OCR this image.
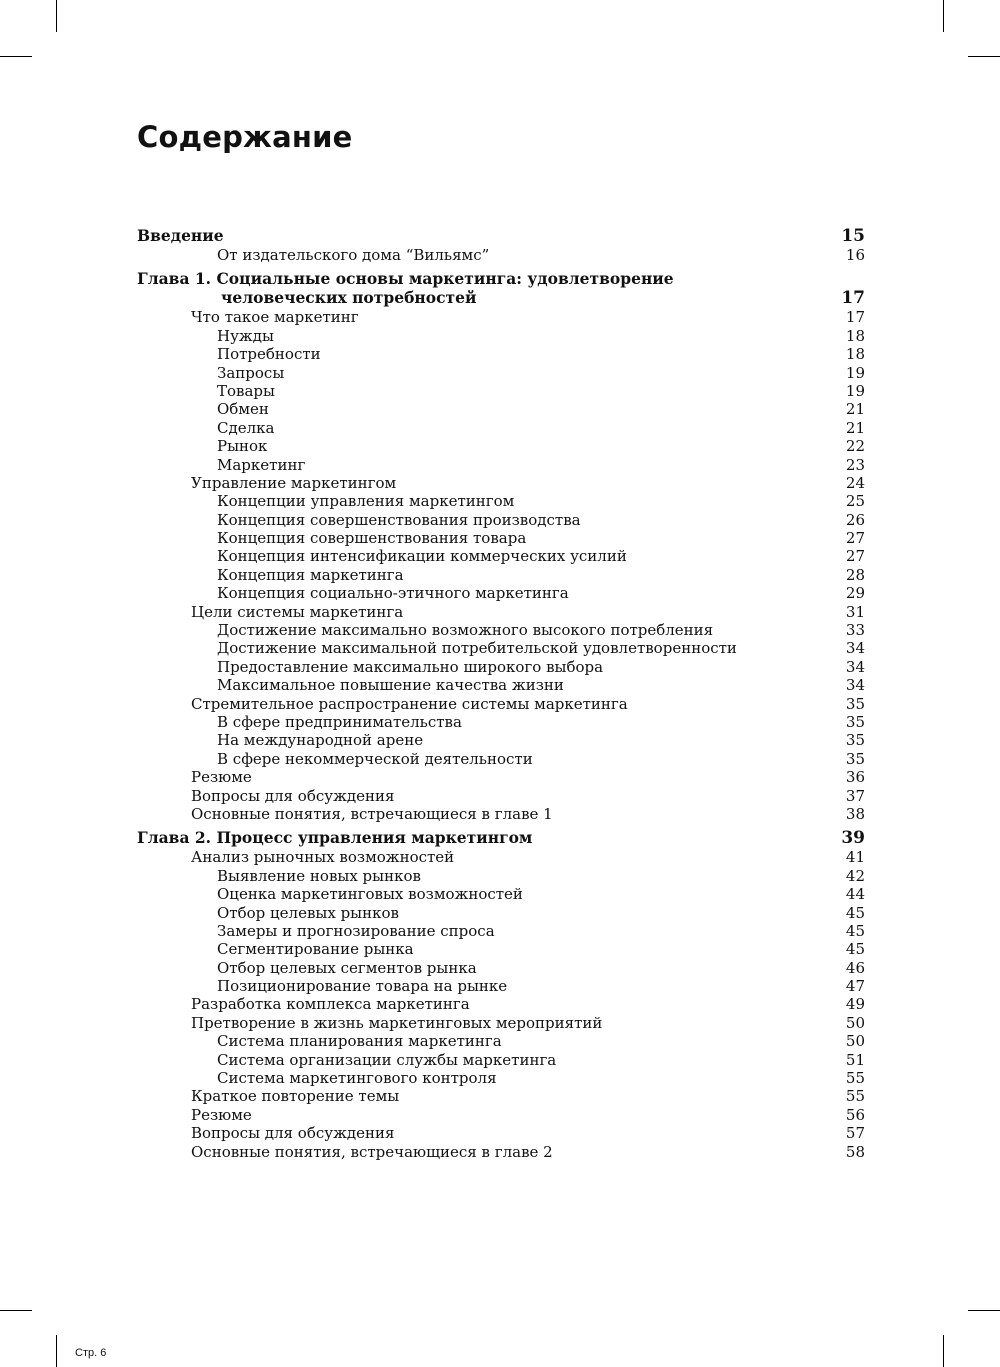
Содержание
Введение	15
От издательского дома “Вильямс”	16
Глава 1. Социальные основы маркетинга: удовлетворение
человеческих потребностей	17
Что такое маркетинг	17
Нужды	18
Потребности	18
Запросы	19
Товары	19
Обмен	21
Сделка	21
Рынок	22
Маркетинг	23
Управление маркетингом	24
Концепции управления маркетингом	25
Концепция совершенствования производства	26
Концепция совершенствования товара	27
Концепция интенсификации коммерческих усилий	27
Концепция маркетинга	28
Концепция социально-этичного маркетинга	29
Цели системы маркетинга	31
Достижение максимально возможного высокого потребления	33
Достижение максимальной потребительской удовлетворенности	34
Предоставление максимально широкого выбора	34
Максимальное повышение качества жизни	34
Стремительное распространение системы маркетинга	35
В сфере предпринимательства	35
На международной арене	35
В сфере некоммерческой деятельности	35
Резюме	36
Вопросы для обсуждения	37
Основные понятия, встречающиеся в главе 1	38
Глава 2. Процесс управления маркетингом	39
Анализ рыночных возможностей	41
Выявление новых рынков	42
Оценка маркетинговых возможностей	44
Отбор целевых рынков	45
Замеры и прогнозирование спроса	45
Сегментирование рынка	45
Отбор целевых сегментов рынка	46
Позиционирование товара на рынке	47
Разработка комплекса маркетинга	49
Претворение в жизнь маркетинговых мероприятий	50
Система планирования маркетинга	50
Система организации службы маркетинга	51
Система маркетингового контроля	55
Краткое повторение темы	55
Резюме	56
Вопросы для обсуждения	57
Основные понятия, встречающиеся в главе 2	58
Стр. 6
